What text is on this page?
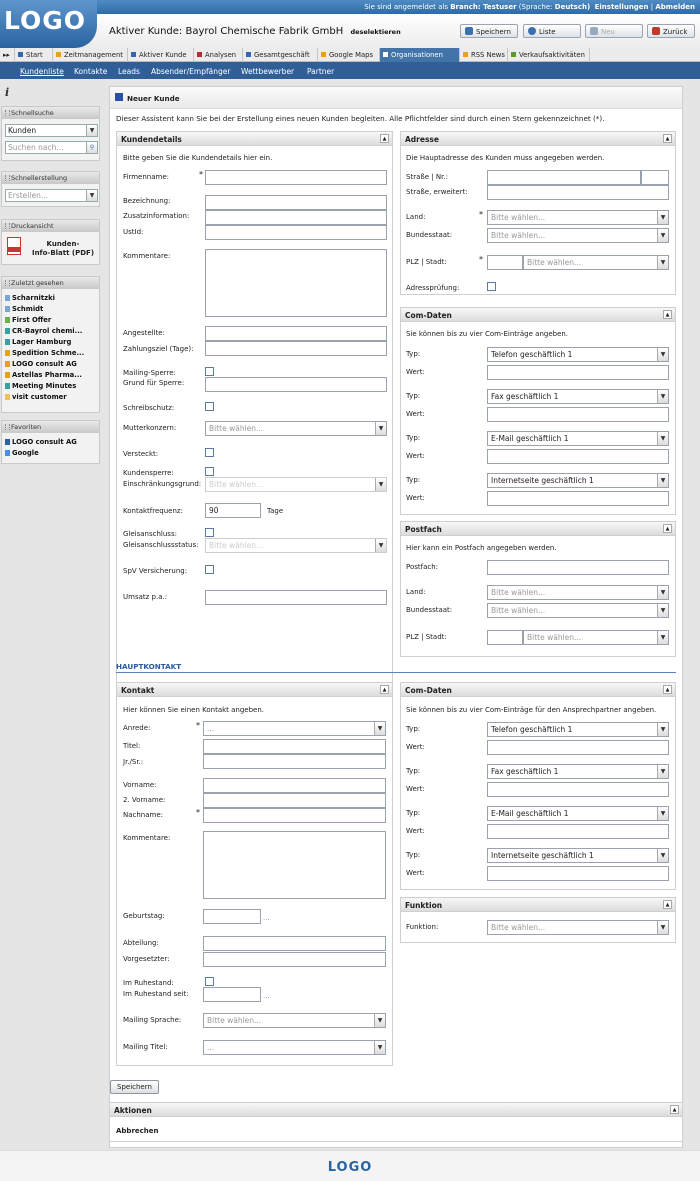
Sie sind angemeldet als Branch: Testuser (Sprache: Deutsch) Einstellungen | Abmelden
LOGO	Aktiver Kunde: Bayrol Chemische Fabrik GmbH deselektieren	Speichern	Liste	Neu	Zurück
▸▸	Start	Zeitmanagement	Aktiver Kunde	Analysen	Gesamtgeschäft	Google Maps	Organisationen	RSS News	Verkaufsaktivitäten
Kundenliste Kontakte Leads Absender/Empfänger Wettbewerber Partner
i
Schnellsuche
Kunden	▼
Suchen nach...	⚲
Schnellerstellung
Erstellen...	▼
Druckansicht
Kunden-
Info-Blatt (PDF)
Zuletzt gesehen
Scharnitzki
Schmidt
First Offer
CR-Bayrol chemi...
Lager Hamburg
Spedition Schme...
LOGO consult AG
Astellas Pharma...
Meeting Minutes
visit customer
Favoriten
LOGO consult AG
Google
Neuer Kunde
Dieser Assistent kann Sie bei der Erstellung eines neuen Kunden begleiten. Alle Pflichtfelder sind durch einen Stern gekennzeichnet (*).
Kundendetails	▲
Bitte geben Sie die Kundendetails hier ein.
Firmenname:	*
Bezeichnung:
Zusatzinformation:
UstId:
Kommentare:
Angestellte:
Zahlungsziel (Tage):
Mailing-Sperre:
Grund für Sperre:
Schreibschutz:
Mutterkonzern:	Bitte wählen...	▼
Versteckt:
Kundensperre:
Einschränkungsgrund:	Bitte wählen...	▼
Kontaktfrequenz:	90	Tage
Gleisanschluss:
Gleisanschlussstatus:	Bitte wählen...	▼
SpV Versicherung:
Umsatz p.a.:
Adresse	▲
Die Hauptadresse des Kunden muss angegeben werden.
Straße | Nr.:
Straße, erweitert:
Land:	*	Bitte wählen...	▼
Bundesstaat:	Bitte wählen...	▼
PLZ | Stadt:	*	Bitte wählen...	▼
Adressprüfung:
Com-Daten	▲
Sie können bis zu vier Com-Einträge angeben.
Typ:	Telefon geschäftlich 1	▼
Wert:
Typ:	Fax geschäftlich 1	▼
Wert:
Typ:	E-Mail geschäftlich 1	▼
Wert:
Typ:	Internetseite geschäftlich 1	▼
Wert:
Postfach	▲
Hier kann ein Postfach angegeben werden.
Postfach:
Land:	Bitte wählen...	▼
Bundesstaat:	Bitte wählen...	▼
PLZ | Stadt:	Bitte wählen...	▼
HAUPTKONTAKT
Kontakt	▲
Hier können Sie einen Kontakt angeben.
Anrede:	* ...	▼
Titel:
Jr./Sr.:
Vorname:
2. Vorname:
Nachname:	*
Kommentare:
Geburtstag:	...
Abteilung:
Vorgesetzter:
Im Ruhestand:
Im Ruhestand seit:	...
Mailing Sprache:	Bitte wählen...	▼
Mailing Titel:	...	▼
Com-Daten	▲
Sie können bis zu vier Com-Einträge für den Ansprechpartner angeben.
Typ:	Telefon geschäftlich 1	▼
Wert:
Typ:	Fax geschäftlich 1	▼
Wert:
Typ:	E-Mail geschäftlich 1	▼
Wert:
Typ:	Internetseite geschäftlich 1	▼
Wert:
Funktion	▲
Funktion:	Bitte wählen...	▼
Speichern
Aktionen	▲
Abbrechen
LOGO
